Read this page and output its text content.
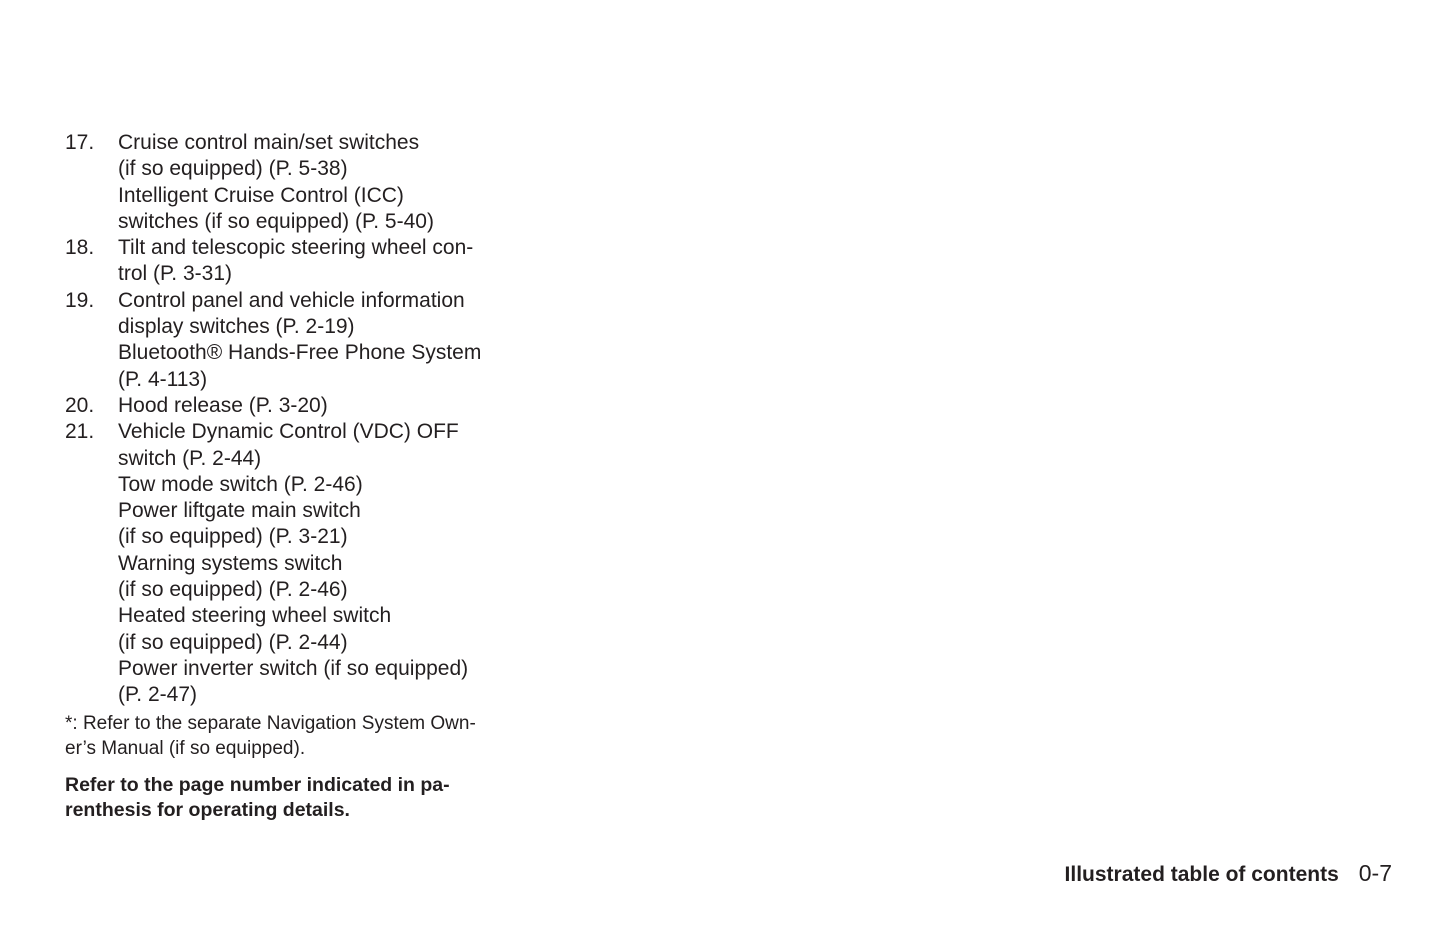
17.	Cruise control main/set switches
(if so equipped) (P. 5-38)
Intelligent Cruise Control (ICC)
switches (if so equipped) (P. 5-40)
18.	Tilt and telescopic steering wheel con-
trol (P. 3-31)
19.	Control panel and vehicle information
display switches (P. 2-19)
Bluetooth® Hands-Free Phone System
(P. 4-113)
20.	Hood release (P. 3-20)
21.	Vehicle Dynamic Control (VDC) OFF
switch (P. 2-44)
Tow mode switch (P. 2-46)
Power liftgate main switch
(if so equipped) (P. 3-21)
Warning systems switch
(if so equipped) (P. 2-46)
Heated steering wheel switch
(if so equipped) (P. 2-44)
Power inverter switch (if so equipped)
(P. 2-47)

*: Refer to the separate Navigation System Own-
er’s Manual (if so equipped).

Refer to the page number indicated in pa-
renthesis for operating details.

Illustrated table of contents 0-7
